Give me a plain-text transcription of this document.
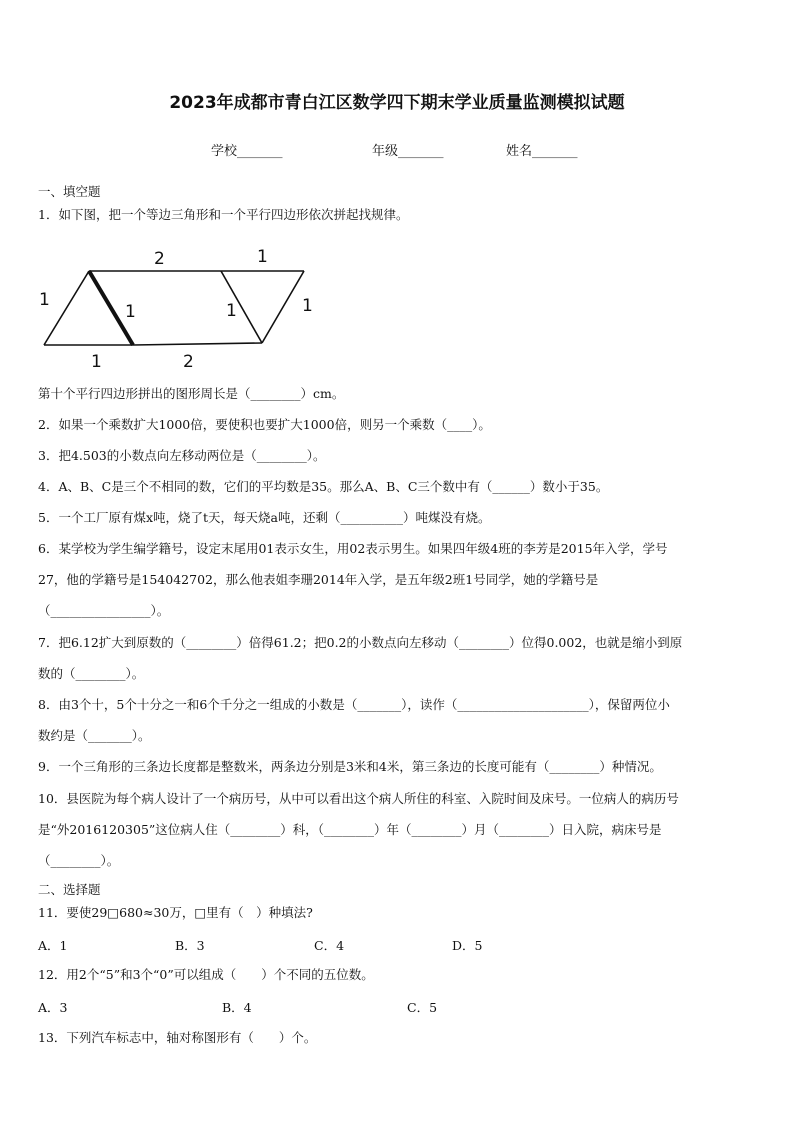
2023年成都市青白江区数学四下期末学业质量监测模拟试题
学校_______	年级_______	姓名_______
一、填空题
1．如下图，把一个等边三角形和一个平行四边形依次拼起找规律。
1
2	1
1	1	1
1	2
第十个平行四边形拼出的图形周长是（________）cm。
2．如果一个乘数扩大1000倍，要使积也要扩大1000倍，则另一个乘数（____）。
3．把4.503的小数点向左移动两位是（________）。
4．A、B、C是三个不相同的数，它们的平均数是35。那么A、B、C三个数中有（______）数小于35。
5．一个工厂原有煤x吨，烧了t天，每天烧a吨，还剩（__________）吨煤没有烧。
6．某学校为学生编学籍号，设定末尾用01表示女生，用02表示男生。如果四年级4班的李芳是2015年入学，学号
27，他的学籍号是154042702，那么他表姐李珊2014年入学，是五年级2班1号同学，她的学籍号是
（________________）。
7．把6.12扩大到原数的（________）倍得61.2；把0.2的小数点向左移动（________）位得0.002，也就是缩小到原
数的（________）。
8．由3个十，5个十分之一和6个千分之一组成的小数是（_______），读作（_____________________），保留两位小
数约是（_______）。
9．一个三角形的三条边长度都是整数米，两条边分别是3米和4米，第三条边的长度可能有（________）种情况。
10．县医院为每个病人设计了一个病历号，从中可以看出这个病人所住的科室、入院时间及床号。一位病人的病历号
是“外2016120305”这位病人住（________）科，（________）年（________）月（________）日入院，病床号是
（________）。
二、选择题
11．要使29□680≈30万，□里有（　）种填法?
A．1	B．3	C．4	D．5
12．用2个“5”和3个“0”可以组成（　　）个不同的五位数。
A．3	B．4	C．5
13．下列汽车标志中，轴对称图形有（　　）个。
